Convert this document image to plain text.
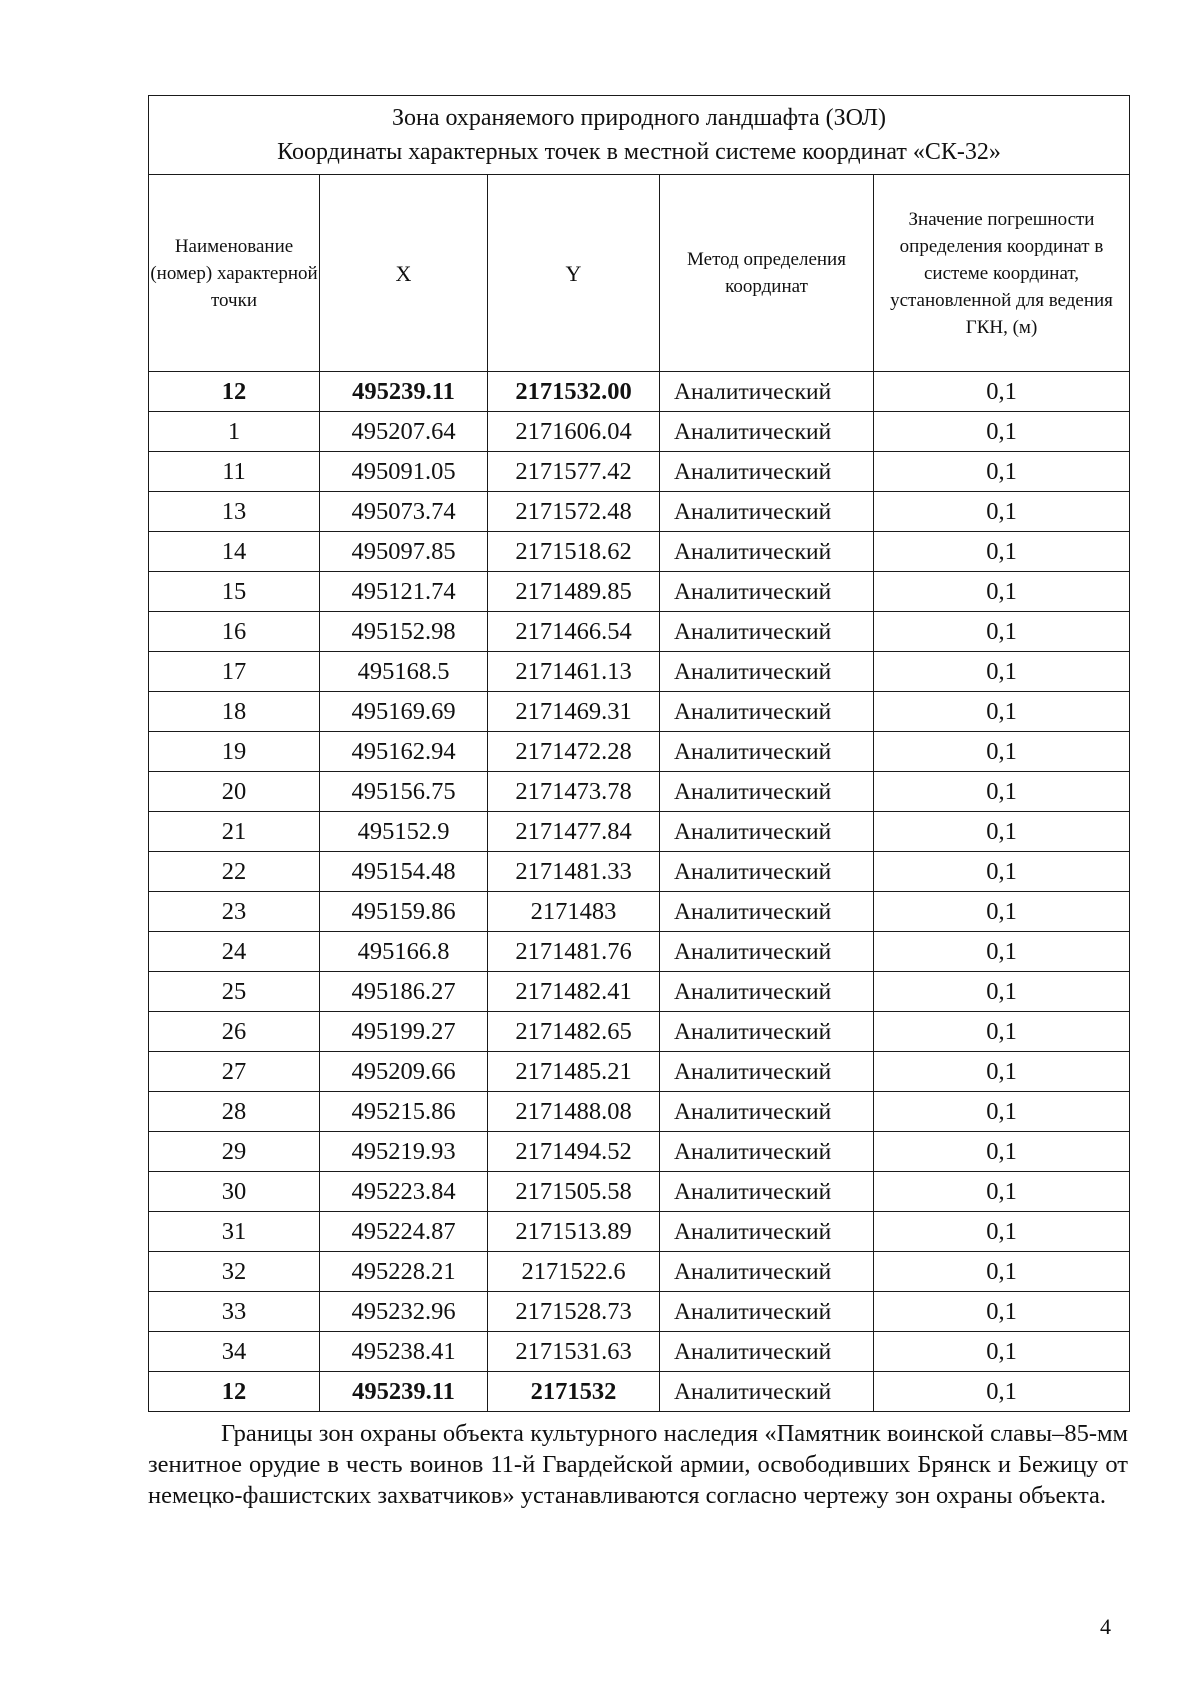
Зона охраняемого природного ландшафта (ЗОЛ)
Координаты характерных точек в местной системе координат «СК-32»				

Наименование (номер) характерной точки	X	Y	Метод определения координат	Значение погрешности определения координат в системе координат, установленной для ведения ГКН, (м)
12	495239.11	2171532.00	Аналитический	0,1
1	495207.64	2171606.04	Аналитический	0,1
11	495091.05	2171577.42	Аналитический	0,1
13	495073.74	2171572.48	Аналитический	0,1
14	495097.85	2171518.62	Аналитический	0,1
15	495121.74	2171489.85	Аналитический	0,1
16	495152.98	2171466.54	Аналитический	0,1
17	495168.5	2171461.13	Аналитический	0,1
18	495169.69	2171469.31	Аналитический	0,1
19	495162.94	2171472.28	Аналитический	0,1
20	495156.75	2171473.78	Аналитический	0,1
21	495152.9	2171477.84	Аналитический	0,1
22	495154.48	2171481.33	Аналитический	0,1
23	495159.86	2171483	Аналитический	0,1
24	495166.8	2171481.76	Аналитический	0,1
25	495186.27	2171482.41	Аналитический	0,1
26	495199.27	2171482.65	Аналитический	0,1
27	495209.66	2171485.21	Аналитический	0,1
28	495215.86	2171488.08	Аналитический	0,1
29	495219.93	2171494.52	Аналитический	0,1
30	495223.84	2171505.58	Аналитический	0,1
31	495224.87	2171513.89	Аналитический	0,1
32	495228.21	2171522.6	Аналитический	0,1
33	495232.96	2171528.73	Аналитический	0,1
34	495238.41	2171531.63	Аналитический	0,1
12	495239.11	2171532	Аналитический	0,1

Границы зон охраны объекта культурного наследия «Памятник воинской славы–85-мм зенитное орудие в честь воинов 11-й Гвардейской армии, освободивших Брянск и Бежицу от немецко-фашистских захватчиков» устанавливаются согласно чертежу зон охраны объекта.

4
